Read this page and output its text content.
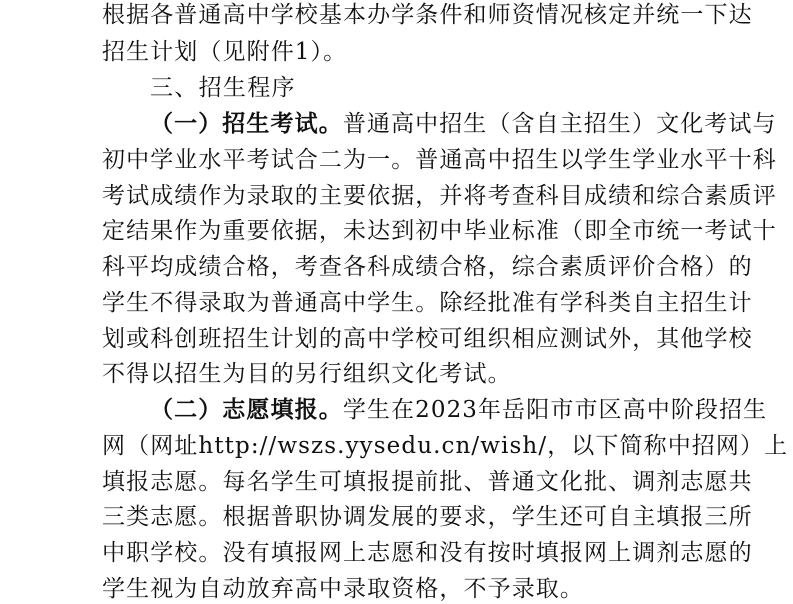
根据各普通高中学校基本办学条件和师资情况核定并统一下达
招生计划（见附件1）。
三、招生程序
（一）招生考试。普通高中招生（含自主招生）文化考试与
初中学业水平考试合二为一。普通高中招生以学生学业水平十科
考试成绩作为录取的主要依据，并将考查科目成绩和综合素质评
定结果作为重要依据，未达到初中毕业标准（即全市统一考试十
科平均成绩合格，考查各科成绩合格，综合素质评价合格）的
学生不得录取为普通高中学生。除经批准有学科类自主招生计
划或科创班招生计划的高中学校可组织相应测试外，其他学校
不得以招生为目的另行组织文化考试。
（二）志愿填报。学生在2023年岳阳市市区高中阶段招生
网（网址http://wszs.yysedu.cn/wish/，以下简称中招网）上
填报志愿。每名学生可填报提前批、普通文化批、调剂志愿共
三类志愿。根据普职协调发展的要求，学生还可自主填报三所
中职学校。没有填报网上志愿和没有按时填报网上调剂志愿的
学生视为自动放弃高中录取资格，不予录取。
